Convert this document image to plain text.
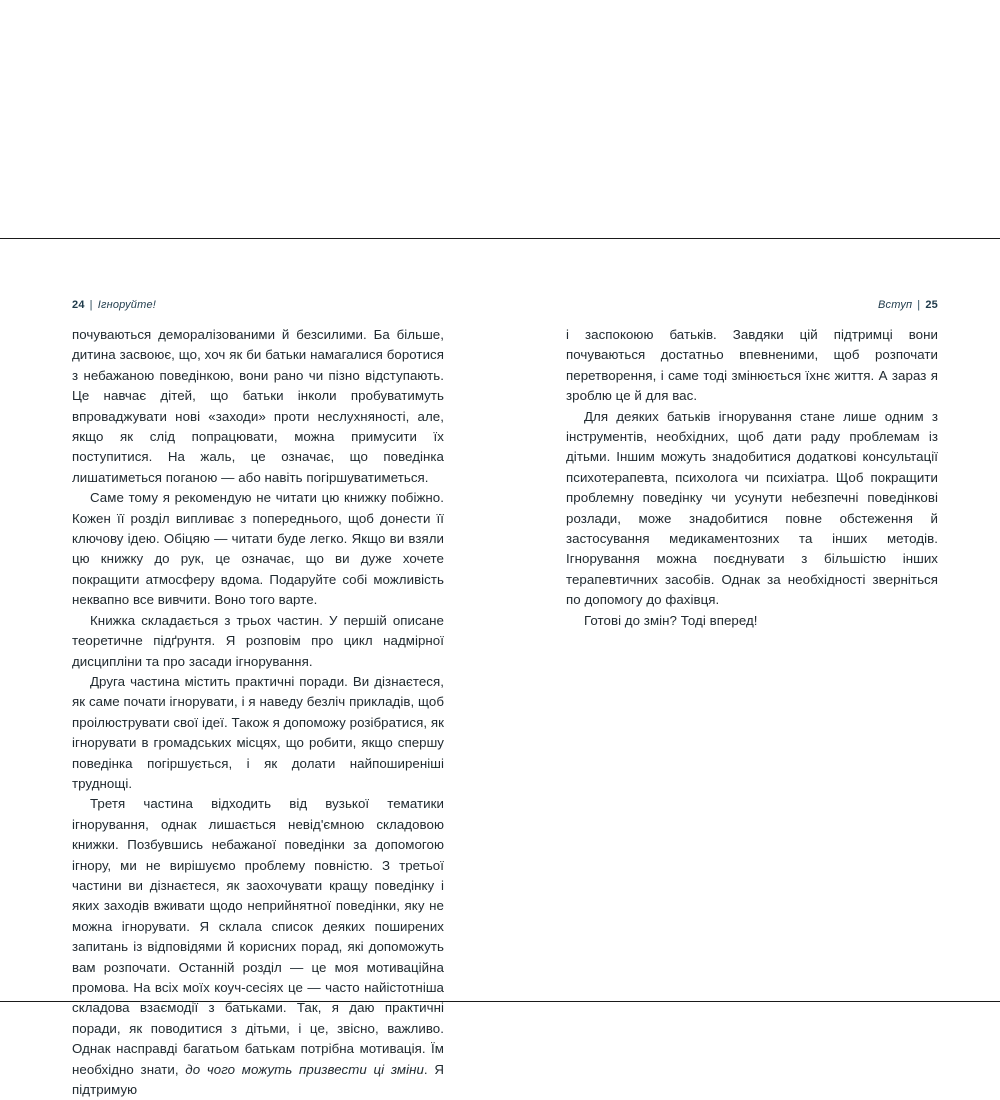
24 | Ігноруйте!	Вступ | 25

почуваються деморалізованими й безсилими. Ба більше, дитина засвоює, що, хоч як би батьки намагалися боротися з небажаною поведінкою, вони рано чи пізно відступають. Це навчає дітей, що батьки інколи пробуватимуть впроваджувати нові «заходи» проти неслухняності, але, якщо як слід попрацювати, можна примусити їх поступитися. На жаль, це означає, що поведінка лишатиметься поганою — або навіть погіршуватиметься.

Саме тому я рекомендую не читати цю книжку побіжно. Кожен її розділ випливає з попереднього, щоб донести її ключову ідею. Обіцяю — читати буде легко. Якщо ви взяли цю книжку до рук, це означає, що ви дуже хочете покращити атмосферу вдома. Подаруйте собі можливість неквапно все вивчити. Воно того варте.

Книжка складається з трьох частин. У першій описане теоретичне підґрунтя. Я розповім про цикл надмірної дисципліни та про засади ігнорування.

Друга частина містить практичні поради. Ви дізнаєтеся, як саме почати ігнорувати, і я наведу безліч прикладів, щоб проілюструвати свої ідеї. Також я допоможу розібратися, як ігнорувати в громадських місцях, що робити, якщо спершу поведінка погіршується, і як долати найпоширеніші труднощі.

Третя частина відходить від вузької тематики ігнорування, однак лишається невід'ємною складовою книжки. Позбувшись небажаної поведінки за допомогою ігнору, ми не вирішуємо проблему повністю. З третьої частини ви дізнаєтеся, як заохочувати кращу поведінку і яких заходів вживати щодо неприйнятної поведінки, яку не можна ігнорувати. Я склала список деяких поширених запитань із відповідями й корисних порад, які допоможуть вам розпочати. Останній розділ — це моя мотиваційна промова. На всіх моїх коуч-сесіях це — часто найістотніша складова взаємодії з батьками. Так, я даю практичні поради, як поводитися з дітьми, і це, звісно, важливо. Однак насправді багатьом батькам потрібна мотивація. Їм необхідно знати, до чого можуть призвести ці зміни. Я підтримую

і заспокоюю батьків. Завдяки цій підтримці вони почуваються достатньо впевненими, щоб розпочати перетворення, і саме тоді змінюється їхнє життя. А зараз я зроблю це й для вас.

Для деяких батьків ігнорування стане лише одним з інструментів, необхідних, щоб дати раду проблемам із дітьми. Іншим можуть знадобитися додаткові консультації психотерапевта, психолога чи психіатра. Щоб покращити проблемну поведінку чи усунути небезпечні поведінкові розлади, може знадобитися повне обстеження й застосування медикаментозних та інших методів. Ігнорування можна поєднувати з більшістю інших терапевтичних засобів. Однак за необхідності зверніться по допомогу до фахівця.

Готові до змін? Тоді вперед!
